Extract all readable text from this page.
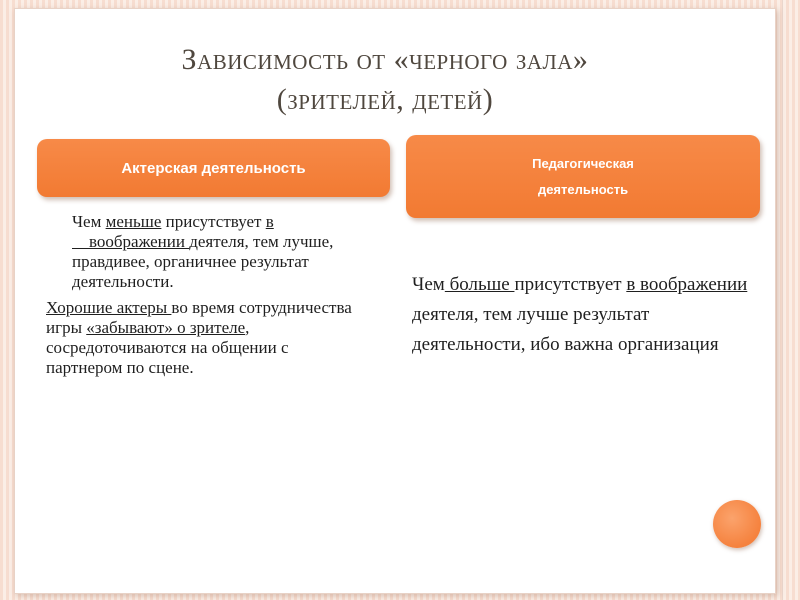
Зависимость от «черного зала»
(зрителей, детей)
Актерская деятельность	Педагогическая
деятельность

Чем меньше присутствует в
воображении деятеля, тем лучше, правдивее, органичнее результат деятельности.

Хорошие актеры во время сотрудничества игры «забывают» о зрителе, сосредоточиваются на общении с партнером по сцене.

Чем больше присутствует в воображении деятеля, тем лучше результат деятельности, ибо важна организация
